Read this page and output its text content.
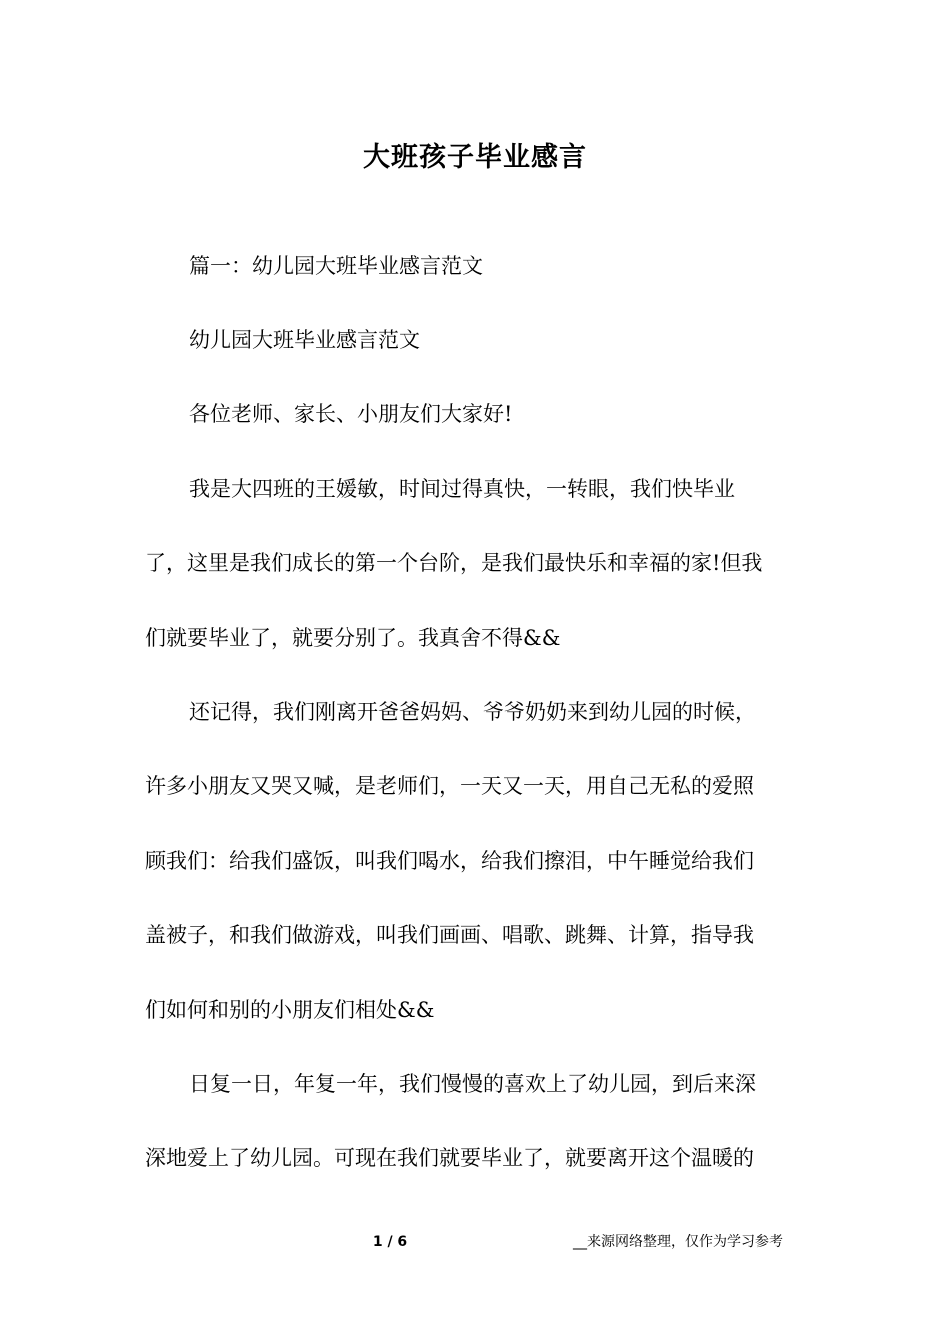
大班孩子毕业感言
篇一：幼儿园大班毕业感言范文
幼儿园大班毕业感言范文
各位老师、家长、小朋友们大家好!
我是大四班的王媛敏，时间过得真快，一转眼，我们快毕业
了，这里是我们成长的第一个台阶，是我们最快乐和幸福的家!但我
们就要毕业了，就要分别了。我真舍不得&&
还记得，我们刚离开爸爸妈妈、爷爷奶奶来到幼儿园的时候，
许多小朋友又哭又喊，是老师们，一天又一天，用自己无私的爱照
顾我们：给我们盛饭，叫我们喝水，给我们擦泪，中午睡觉给我们
盖被子，和我们做游戏，叫我们画画、唱歌、跳舞、计算，指导我
们如何和别的小朋友们相处&&
日复一日，年复一年，我们慢慢的喜欢上了幼儿园，到后来深
深地爱上了幼儿园。可现在我们就要毕业了，就要离开这个温暖的
1 / 6	__来源网络整理，仅作为学习参考
